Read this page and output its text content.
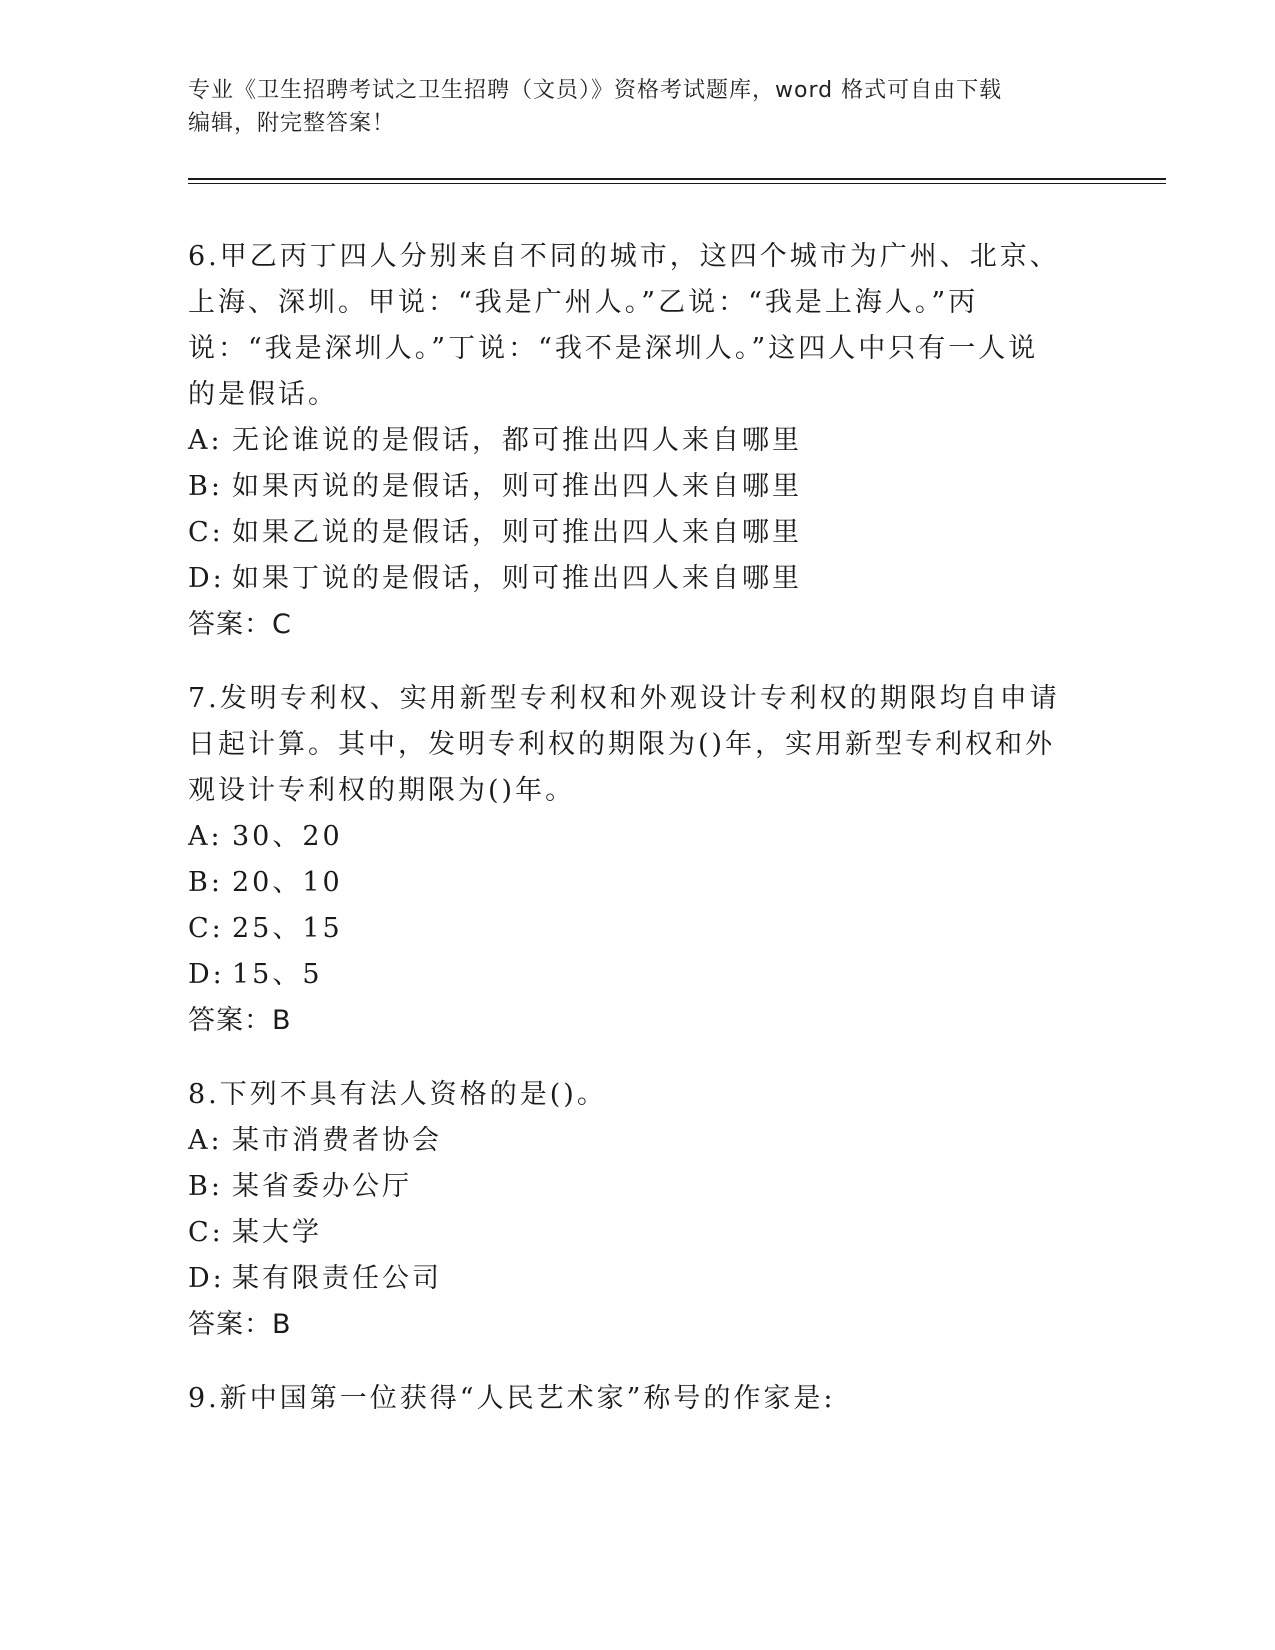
专业《卫生招聘考试之卫生招聘（文员）》资格考试题库，word 格式可自由下载
编辑，附完整答案！

6.甲乙丙丁四人分别来自不同的城市，这四个城市为广州、北京、上海、深圳。甲说：“我是广州人。”乙说：“我是上海人。”丙说：“我是深圳人。”丁说：“我不是深圳人。”这四人中只有一人说的是假话。

A: 无论谁说的是假话，都可推出四人来自哪里

B: 如果丙说的是假话，则可推出四人来自哪里

C: 如果乙说的是假话，则可推出四人来自哪里

D: 如果丁说的是假话，则可推出四人来自哪里

答案：C

7.发明专利权、实用新型专利权和外观设计专利权的期限均自申请日起计算。其中，发明专利权的期限为()年，实用新型专利权和外观设计专利权的期限为()年。

A: 30、20

B: 20、10

C: 25、15

D: 15、5

答案：B

8.下列不具有法人资格的是()。

A: 某市消费者协会

B: 某省委办公厅

C: 某大学

D: 某有限责任公司

答案：B

9.新中国第一位获得“人民艺术家”称号的作家是:
